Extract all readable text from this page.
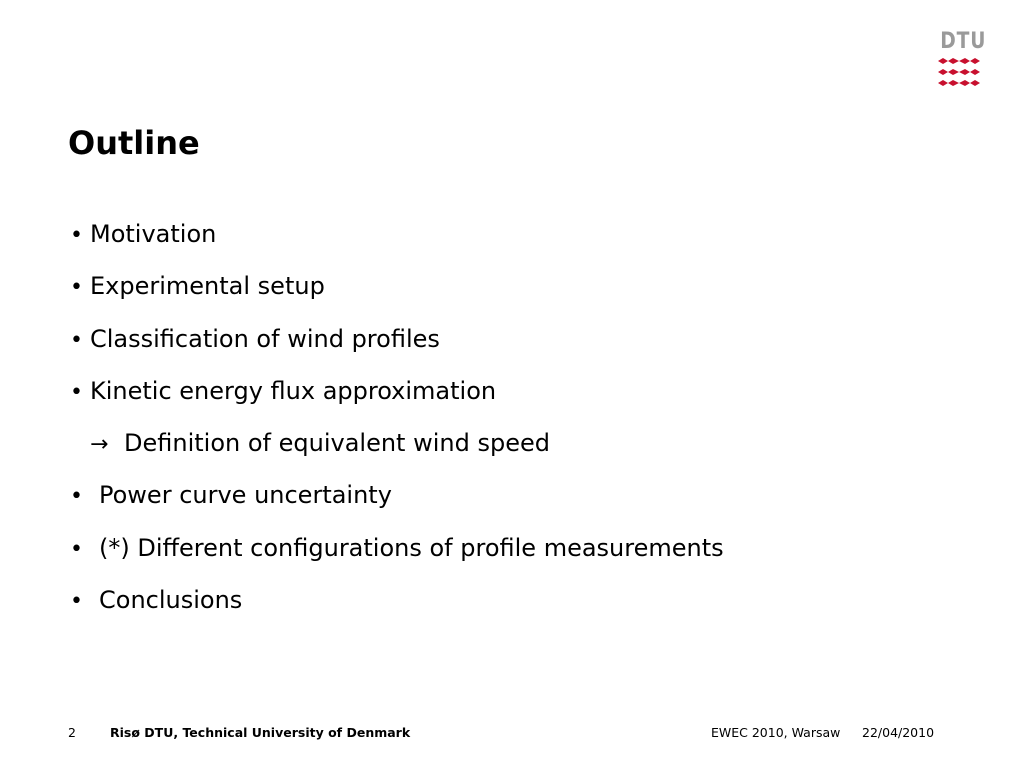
DTU
Outline
• Motivation
• Experimental setup
• Classification of wind profiles
• Kinetic energy flux approximation
→ Definition of equivalent wind speed
• Power curve uncertainty
• (*) Different configurations of profile measurements
• Conclusions
2	Risø DTU, Technical University of Denmark	EWEC 2010, Warsaw 22/04/2010
